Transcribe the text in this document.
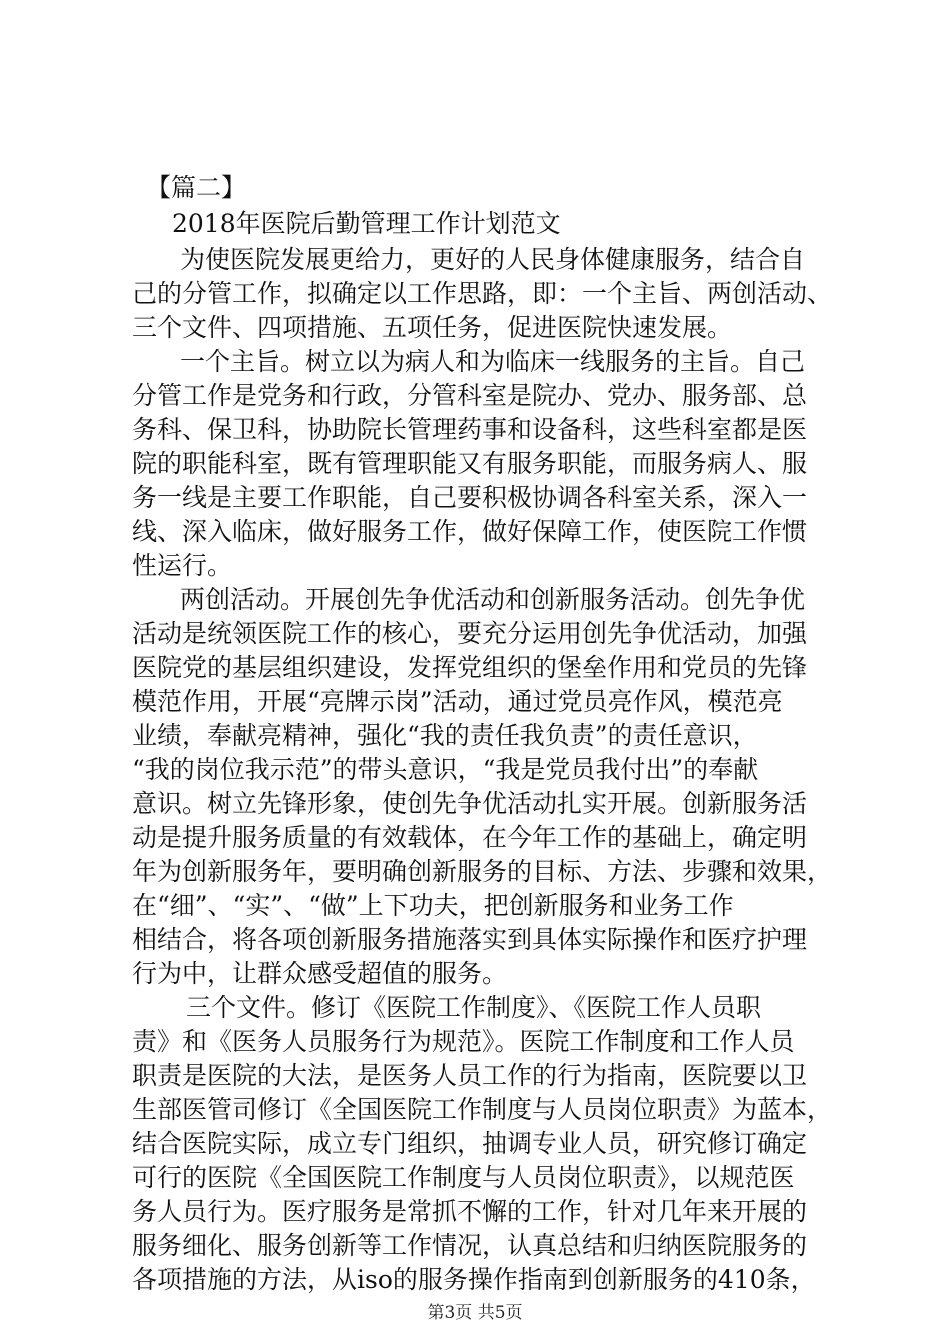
【篇二】
2018年医院后勤管理工作计划范文
为使医院发展更给力，更好的人民身体健康服务，结合自
己的分管工作，拟确定以工作思路，即：一个主旨、两创活动、
三个文件、四项措施、五项任务，促进医院快速发展。
一个主旨。树立以为病人和为临床一线服务的主旨。自己
分管工作是党务和行政，分管科室是院办、党办、服务部、总
务科、保卫科，协助院长管理药事和设备科，这些科室都是医
院的职能科室，既有管理职能又有服务职能，而服务病人、服
务一线是主要工作职能，自己要积极协调各科室关系，深入一
线、深入临床，做好服务工作，做好保障工作，使医院工作惯
性运行。
两创活动。开展创先争优活动和创新服务活动。创先争优
活动是统领医院工作的核心，要充分运用创先争优活动，加强
医院党的基层组织建设，发挥党组织的堡垒作用和党员的先锋
模范作用，开展“亮牌示岗”活动，通过党员亮作风，模范亮
业绩，奉献亮精神，强化“我的责任我负责”的责任意识，
“我的岗位我示范”的带头意识，“我是党员我付出”的奉献
意识。树立先锋形象，使创先争优活动扎实开展。创新服务活
动是提升服务质量的有效载体，在今年工作的基础上，确定明
年为创新服务年，要明确创新服务的目标、方法、步骤和效果，
在“细”、“实”、“做”上下功夫，把创新服务和业务工作
相结合，将各项创新服务措施落实到具体实际操作和医疗护理
行为中，让群众感受超值的服务。
三个文件。修订《医院工作制度》、《医院工作人员职
责》和《医务人员服务行为规范》。医院工作制度和工作人员
职责是医院的大法，是医务人员工作的行为指南，医院要以卫
生部医管司修订《全国医院工作制度与人员岗位职责》为蓝本，
结合医院实际，成立专门组织，抽调专业人员，研究修订确定
可行的医院《全国医院工作制度与人员岗位职责》，以规范医
务人员行为。医疗服务是常抓不懈的工作，针对几年来开展的
服务细化、服务创新等工作情况，认真总结和归纳医院服务的
各项措施的方法，从iso的服务操作指南到创新服务的410条，
第3页 共5页
